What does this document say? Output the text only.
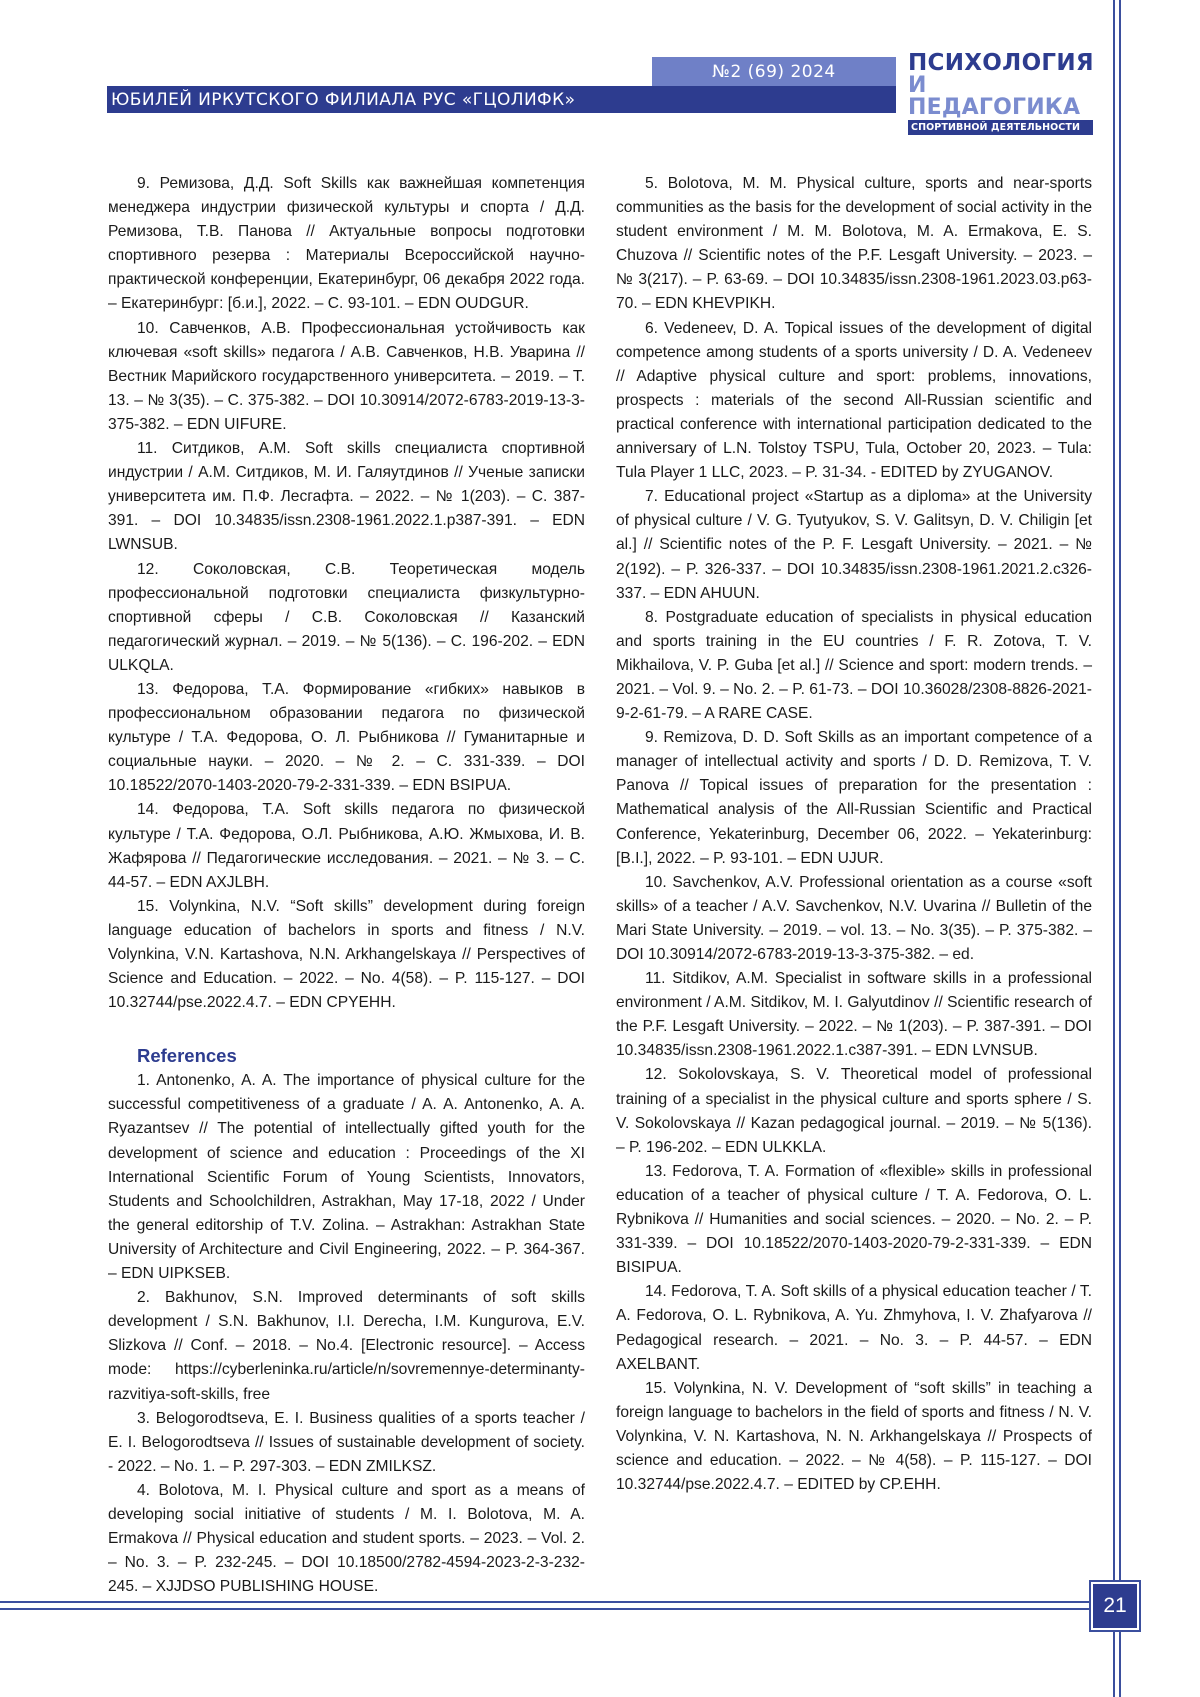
№2 (69) 2024
ЮБИЛЕЙ ИРКУТСКОГО ФИЛИАЛА РУС «ГЦОЛИФК»
ПСИХОЛОГИЯ
И ПЕДАГОГИКА
СПОРТИВНОЙ ДЕЯТЕЛЬНОСТИ

9. Ремизова, Д.Д. Soft Skills как важнейшая компетенция менеджера индустрии физической культуры и спорта / Д.Д. Ремизова, Т.В. Панова // Актуальные вопросы подготовки спортивного резерва : Материалы Всероссийской научно-практической конференции, Екатеринбург, 06 декабря 2022 года. – Екатеринбург: [б.и.], 2022. – С. 93-101. – EDN OUDGUR.

10. Савченков, А.В. Профессиональная устойчивость как ключевая «soft skills» педагога / А.В. Савченков, Н.В. Уварина // Вестник Марийского государственного университета. – 2019. – Т. 13. – № 3(35). – С. 375-382. – DOI 10.30914/2072-6783-2019-13-3-375-382. – EDN UIFURE.

11. Ситдиков, А.М. Soft skills специалиста спортивной индустрии / А.М. Ситдиков, М. И. Галяутдинов // Ученые записки университета им. П.Ф. Лесгафта. – 2022. – № 1(203). – С. 387-391. – DOI 10.34835/issn.2308-1961.2022.1.p387-391. – EDN LWNSUB.

12. Соколовская, С.В. Теоретическая модель профессиональной подготовки специалиста физкультурно-спортивной сферы / С.В. Соколовская // Казанский педагогический журнал. – 2019. – № 5(136). – С. 196-202. – EDN ULKQLA.

13. Федорова, Т.А. Формирование «гибких» навыков в профессиональном образовании педагога по физической культуре / Т.А. Федорова, О. Л. Рыбникова // Гуманитарные и социальные науки. – 2020. – № 2. – С. 331-339. – DOI 10.18522/2070-1403-2020-79-2-331-339. – EDN BSIPUA.

14. Федорова, Т.А. Soft skills педагога по физической культуре / Т.А. Федорова, О.Л. Рыбникова, А.Ю. Жмыхова, И. В. Жафярова // Педагогические исследования. – 2021. – № 3. – С. 44-57. – EDN AXJLBH.

15. Volynkina, N.V. “Soft skills” development during foreign language education of bachelors in sports and fitness / N.V. Volynkina, V.N. Kartashova, N.N. Arkhangelskaya // Perspectives of Science and Education. – 2022. – No. 4(58). – P. 115-127. – DOI 10.32744/pse.2022.4.7. – EDN CPYEHH.

References

1. Antonenko, A. A. The importance of physical culture for the successful competitiveness of a graduate / A. A. Antonenko, A. A. Ryazantsev // The potential of intellectually gifted youth for the development of science and education : Proceedings of the XI International Scientific Forum of Young Scientists, Innovators, Students and Schoolchildren, Astrakhan, May 17-18, 2022 / Under the general editorship of T.V. Zolina. – Astrakhan: Astrakhan State University of Architecture and Civil Engineering, 2022. – P. 364-367. – EDN UIPKSEB.

2. Bakhunov, S.N. Improved determinants of soft skills development / S.N. Bakhunov, I.I. Derecha, I.M. Kungurova, E.V. Slizkova // Conf. – 2018. – No.4. [Electronic resource]. – Access mode: https://cyberleninka.ru/article/n/sovremennye-determinanty-razvitiya-soft-skills, free

3. Belogorodtseva, E. I. Business qualities of a sports teacher / E. I. Belogorodtseva // Issues of sustainable development of society. - 2022. – No. 1. – P. 297-303. – EDN ZMILKSZ.

4. Bolotova, M. I. Physical culture and sport as a means of developing social initiative of students / M. I. Bolotova, M. A. Ermakova // Physical education and student sports. – 2023. – Vol. 2. – No. 3. – P. 232-245. – DOI 10.18500/2782-4594-2023-2-3-232-245. – XJJDSO PUBLISHING HOUSE.

5. Bolotova, M. M. Physical culture, sports and near-sports communities as the basis for the development of social activity in the student environment / M. M. Bolotova, M. A. Ermakova, E. S. Chuzova // Scientific notes of the P.F. Lesgaft University. – 2023. – № 3(217). – P. 63-69. – DOI 10.34835/issn.2308-1961.2023.03.p63-70. – EDN KHEVPIKH.

6. Vedeneev, D. A. Topical issues of the development of digital competence among students of a sports university / D. A. Vedeneev // Adaptive physical culture and sport: problems, innovations, prospects : materials of the second All-Russian scientific and practical conference with international participation dedicated to the anniversary of L.N. Tolstoy TSPU, Tula, October 20, 2023. – Tula: Tula Player 1 LLC, 2023. – P. 31-34. - EDITED by ZYUGANOV.

7. Educational project «Startup as a diploma» at the University of physical culture / V. G. Tyutyukov, S. V. Galitsyn, D. V. Chiligin [et al.] // Scientific notes of the P. F. Lesgaft University. – 2021. – № 2(192). – P. 326-337. – DOI 10.34835/issn.2308-1961.2021.2.c326-337. – EDN AHUUN.

8. Postgraduate education of specialists in physical education and sports training in the EU countries / F. R. Zotova, T. V. Mikhailova, V. P. Guba [et al.] // Science and sport: modern trends. – 2021. – Vol. 9. – No. 2. – P. 61-73. – DOI 10.36028/2308-8826-2021-9-2-61-79. – A RARE CASE.

9. Remizova, D. D. Soft Skills as an important competence of a manager of intellectual activity and sports / D. D. Remizova, T. V. Panova // Topical issues of preparation for the presentation : Mathematical analysis of the All-Russian Scientific and Practical Conference, Yekaterinburg, December 06, 2022. – Yekaterinburg: [B.I.], 2022. – P. 93-101. – EDN UJUR.

10. Savchenkov, A.V. Professional orientation as a course «soft skills» of a teacher / A.V. Savchenkov, N.V. Uvarina // Bulletin of the Mari State University. – 2019. – vol. 13. – No. 3(35). – P. 375-382. – DOI 10.30914/2072-6783-2019-13-3-375-382. – ed.

11. Sitdikov, A.M. Specialist in software skills in a professional environment / A.M. Sitdikov, M. I. Galyutdinov // Scientific research of the P.F. Lesgaft University. – 2022. – № 1(203). – P. 387-391. – DOI 10.34835/issn.2308-1961.2022.1.c387-391. – EDN LVNSUB.

12. Sokolovskaya, S. V. Theoretical model of professional training of a specialist in the physical culture and sports sphere / S. V. Sokolovskaya // Kazan pedagogical journal. – 2019. – № 5(136). – P. 196-202. – EDN ULKKLA.

13. Fedorova, T. A. Formation of «flexible» skills in professional education of a teacher of physical culture / T. A. Fedorova, O. L. Rybnikova // Humanities and social sciences. – 2020. – No. 2. – P. 331-339. – DOI 10.18522/2070-1403-2020-79-2-331-339. – EDN BISIPUA.

14. Fedorova, T. A. Soft skills of a physical education teacher / T. A. Fedorova, O. L. Rybnikova, A. Yu. Zhmyhova, I. V. Zhafyarova // Pedagogical research. – 2021. – No. 3. – P. 44-57. – EDN AXELBANT.

15. Volynkina, N. V. Development of “soft skills” in teaching a foreign language to bachelors in the field of sports and fitness / N. V. Volynkina, V. N. Kartashova, N. N. Arkhangelskaya // Prospects of science and education. – 2022. – № 4(58). – P. 115-127. – DOI 10.32744/pse.2022.4.7. – EDITED by CP.EHH.

21
